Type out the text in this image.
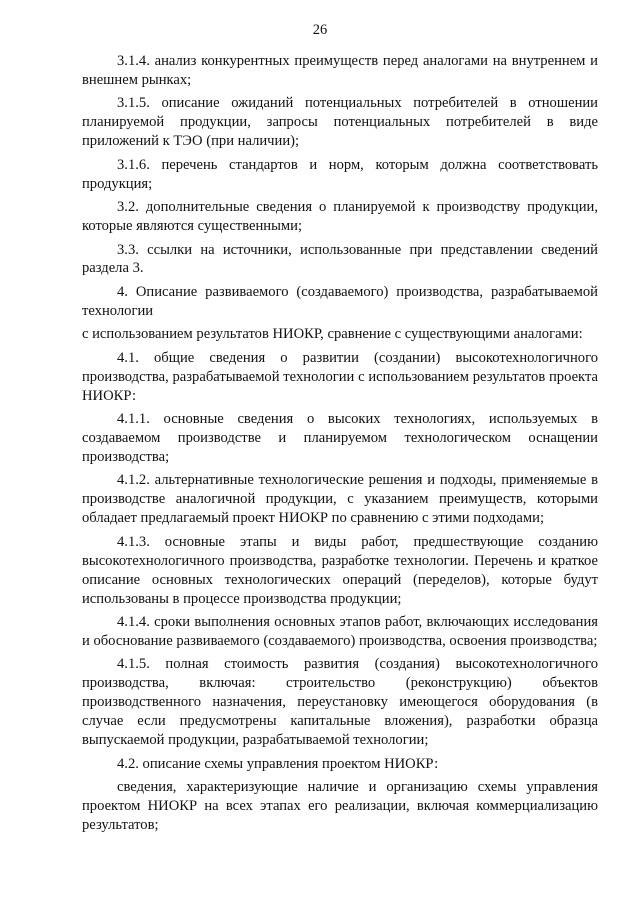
26

3.1.4. анализ конкурентных преимуществ перед аналогами на внутреннем и внешнем рынках;

3.1.5. описание ожиданий потенциальных потребителей в отношении планируемой продукции, запросы потенциальных потребителей в виде приложений к ТЭО (при наличии);

3.1.6. перечень стандартов и норм, которым должна соответствовать продукция;

3.2. дополнительные сведения о планируемой к производству продукции, которые являются существенными;

3.3. ссылки на источники, использованные при представлении сведений раздела 3.

4. Описание развиваемого (создаваемого) производства, разрабатываемой технологии

с использованием результатов НИОКР, сравнение с существующими аналогами:

4.1. общие сведения о развитии (создании) высокотехнологичного производства, разрабатываемой технологии с использованием результатов проекта НИОКР:

4.1.1. основные сведения о высоких технологиях, используемых в создаваемом производстве и планируемом технологическом оснащении производства;

4.1.2. альтернативные технологические решения и подходы, применяемые в производстве аналогичной продукции, с указанием преимуществ, которыми обладает предлагаемый проект НИОКР по сравнению с этими подходами;

4.1.3. основные этапы и виды работ, предшествующие созданию высокотехнологичного производства, разработке технологии. Перечень и краткое описание основных технологических операций (переделов), которые будут использованы в процессе производства продукции;

4.1.4. сроки выполнения основных этапов работ, включающих исследования и обоснование развиваемого (создаваемого) производства, освоения производства;

4.1.5. полная стоимость развития (создания) высокотехнологичного производства, включая: строительство (реконструкцию) объектов производственного назначения, переустановку имеющегося оборудования (в случае если предусмотрены капитальные вложения), разработки образца выпускаемой продукции, разрабатываемой технологии;

4.2. описание схемы управления проектом НИОКР:

сведения, характеризующие наличие и организацию схемы управления проектом НИОКР на всех этапах его реализации, включая коммерциализацию результатов;
